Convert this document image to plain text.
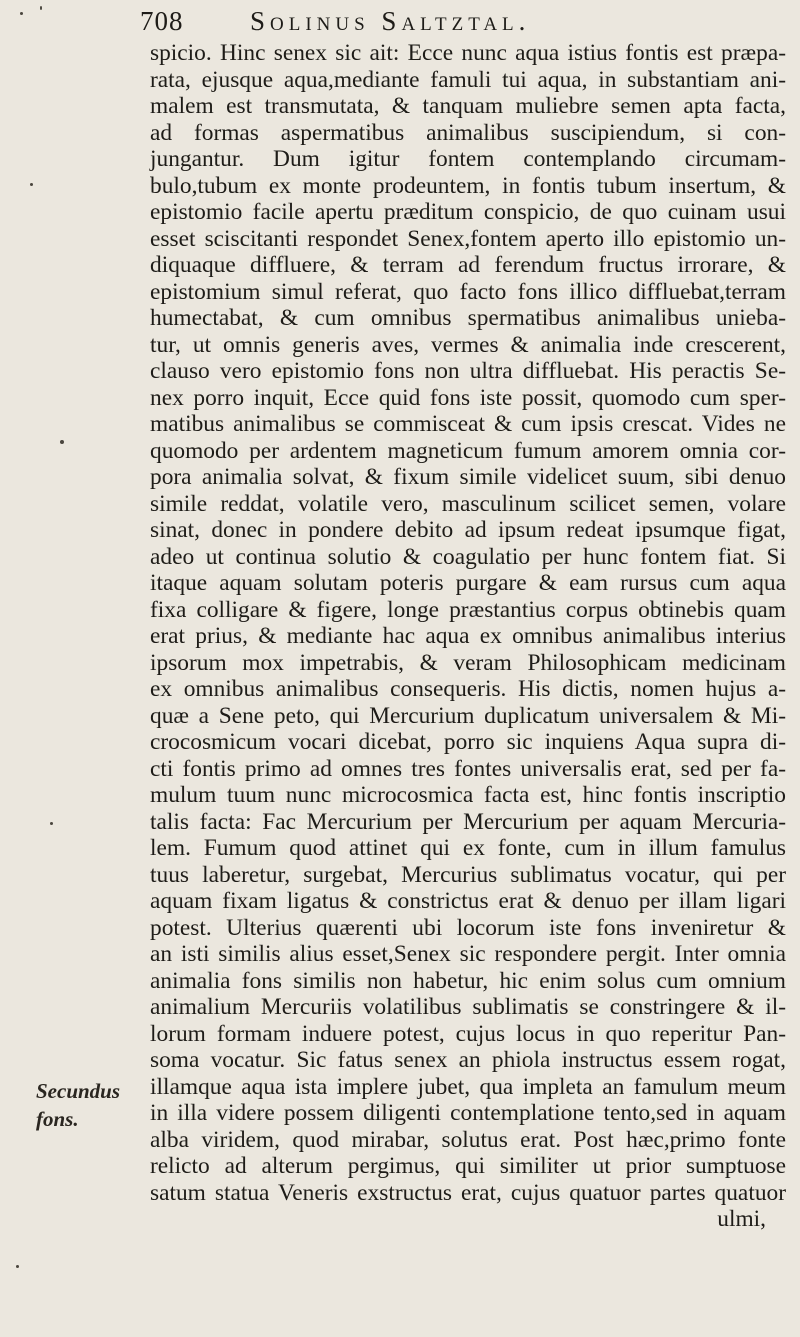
708 Solinus Saltztal.
Secundus
fons.
spicio. Hinc senex sic ait: Ecce nunc aqua istius fontis est præpa-
rata, ejusque aqua,mediante famuli tui aqua, in substantiam ani-
malem est transmutata, & tanquam muliebre semen apta facta,
ad formas aspermatibus animalibus suscipiendum, si con-
jungantur. Dum igitur fontem contemplando circumam-
bulo,tubum ex monte prodeuntem, in fontis tubum insertum, &
epistomio facile apertu præditum conspicio, de quo cuinam usui
esset sciscitanti respondet Senex,fontem aperto illo epistomio un-
diquaque diffluere, & terram ad ferendum fructus irrorare, &
epistomium simul referat, quo facto fons illico diffluebat,terram
humectabat, & cum omnibus spermatibus animalibus unieba-
tur, ut omnis generis aves, vermes & animalia inde crescerent,
clauso vero epistomio fons non ultra diffluebat. His peractis Se-
nex porro inquit, Ecce quid fons iste possit, quomodo cum sper-
matibus animalibus se commisceat & cum ipsis crescat. Vides ne
quomodo per ardentem magneticum fumum amorem omnia cor-
pora animalia solvat, & fixum simile videlicet suum, sibi denuo
simile reddat, volatile vero, masculinum scilicet semen, volare
sinat, donec in pondere debito ad ipsum redeat ipsumque figat,
adeo ut continua solutio & coagulatio per hunc fontem fiat. Si
itaque aquam solutam poteris purgare & eam rursus cum aqua
fixa colligare & figere, longe præstantius corpus obtinebis quam
erat prius, & mediante hac aqua ex omnibus animalibus interius
ipsorum mox impetrabis, & veram Philosophicam medicinam
ex omnibus animalibus consequeris. His dictis, nomen hujus a-
quæ a Sene peto, qui Mercurium duplicatum universalem & Mi-
crocosmicum vocari dicebat, porro sic inquiens Aqua supra di-
cti fontis primo ad omnes tres fontes universalis erat, sed per fa-
mulum tuum nunc microcosmica facta est, hinc fontis inscriptio
talis facta: Fac Mercurium per Mercurium per aquam Mercuria-
lem. Fumum quod attinet qui ex fonte, cum in illum famulus
tuus laberetur, surgebat, Mercurius sublimatus vocatur, qui per
aquam fixam ligatus & constrictus erat & denuo per illam ligari
potest. Ulterius quærenti ubi locorum iste fons inveniretur &
an isti similis alius esset,Senex sic respondere pergit. Inter omnia
animalia fons similis non habetur, hic enim solus cum omnium
animalium Mercuriis volatilibus sublimatis se constringere & il-
lorum formam induere potest, cujus locus in quo reperitur Pan-
soma vocatur. Sic fatus senex an phiola instructus essem rogat,
illamque aqua ista implere jubet, qua impleta an famulum meum
in illa videre possem diligenti contemplatione tento,sed in aquam
alba viridem, quod mirabar, solutus erat. Post hæc,primo fonte
relicto ad alterum pergimus, qui similiter ut prior sumptuose
satum statua Veneris exstructus erat, cujus quatuor partes quatuor
ulmi,
